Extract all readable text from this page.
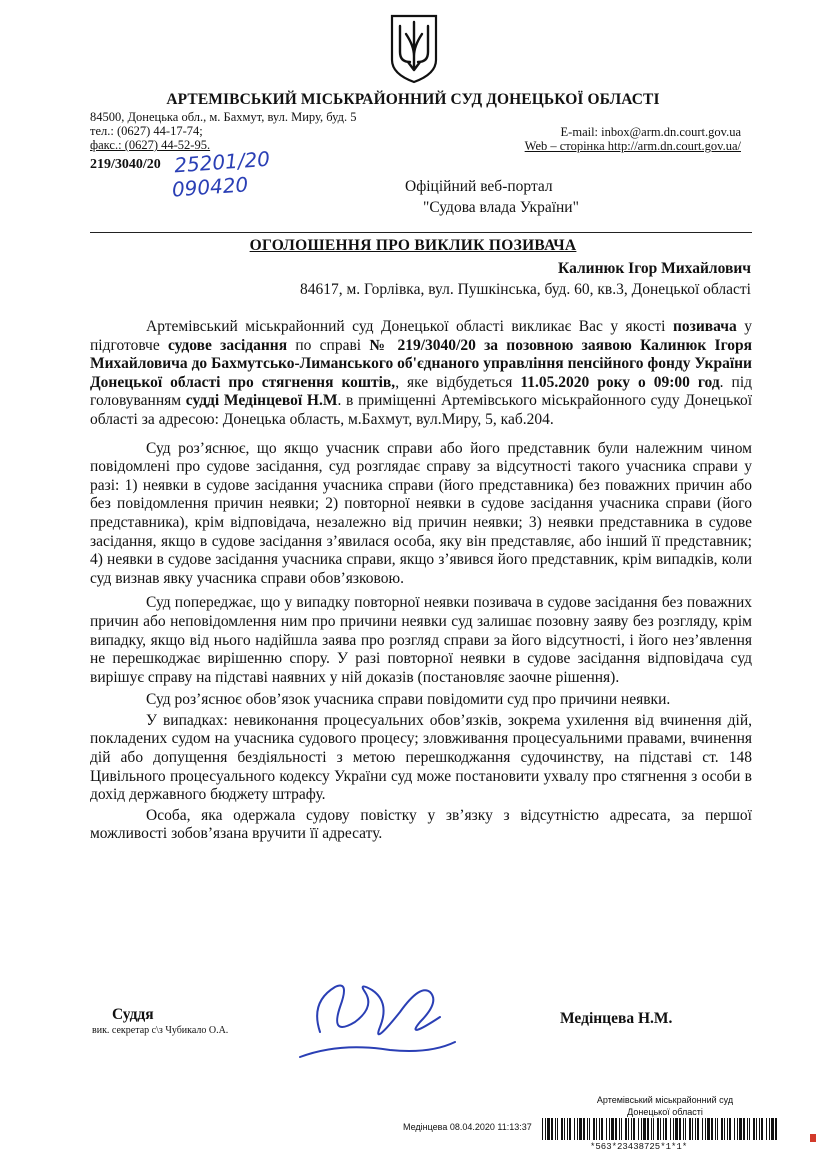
АРТЕМІВСЬКИЙ МІСЬКРАЙОННИЙ СУД ДОНЕЦЬКОЇ ОБЛАСТІ
84500, Донецька обл., м. Бахмут, вул. Миру, буд. 5
тел.: (0627) 44-17-74;
факс.: (0627) 44-52-95.
E-mail: inbox@arm.dn.court.gov.ua
Web – сторінка http://arm.dn.court.gov.ua/
219/3040/20 25201/20
090420	Офіційний веб-портал
"Судова влада України"
ОГОЛОШЕННЯ ПРО ВИКЛИК ПОЗИВАЧА
Калинюк Ігор Михайлович
84617, м. Горлівка, вул. Пушкінська, буд. 60, кв.3, Донецької області

Артемівський міськрайонний суд Донецької області викликає Вас у якості позивача у підготовче судове засідання по справі № 219/3040/20 за позовною заявою Калинюк Ігоря Михайловича до Бахмутсько-Лиманського об'єднаного управління пенсійного фонду України Донецької області про стягнення коштів,, яке відбудеться 11.05.2020 року о 09:00 год. під головуванням судді Медінцевої Н.М. в приміщенні Артемівського міськрайонного суду Донецької області за адресою: Донецька область, м.Бахмут, вул.Миру, 5, каб.204.

Суд роз’яснює, що якщо учасник справи або його представник були належним чином повідомлені про судове засідання, суд розглядає справу за відсутності такого учасника справи у разі: 1) неявки в судове засідання учасника справи (його представника) без поважних причин або без повідомлення причин неявки; 2) повторної неявки в судове засідання учасника справи (його представника), крім відповідача, незалежно від причин неявки; 3) неявки представника в судове засідання, якщо в судове засідання з’явилася особа, яку він представляє, або інший її представник; 4) неявки в судове засідання учасника справи, якщо з’явився його представник, крім випадків, коли суд визнав явку учасника справи обов’язковою.

Суд попереджає, що у випадку повторної неявки позивача в судове засідання без поважних причин або неповідомлення ним про причини неявки суд залишає позовну заяву без розгляду, крім випадку, якщо від нього надійшла заява про розгляд справи за його відсутності, і його нез’явлення не перешкоджає вирішенню спору. У разі повторної неявки в судове засідання відповідача суд вирішує справу на підставі наявних у ній доказів (постановляє заочне рішення).

Суд роз’яснює обов’язок учасника справи повідомити суд про причини неявки.

У випадках: невиконання процесуальних обов’язків, зокрема ухилення від вчинення дій, покладених судом на учасника судового процесу; зловживання процесуальними правами, вчинення дій або допущення бездіяльності з метою перешкоджання судочинству, на підставі ст. 148 Цивільного процесуального кодексу України суд може постановити ухвалу про стягнення з особи в дохід державного бюджету штрафу.

Особа, яка одержала судову повістку у зв’язку з відсутністю адресата, за першої можливості зобов’язана вручити її адресату.

Суддя
вик. секретар с\з Чубикало О.А.
Медінцева Н.М.
Артемівський міськрайонний суд
Донецької області
Медінцева 08.04.2020 11:13:37
*563*23438725*1*1*
